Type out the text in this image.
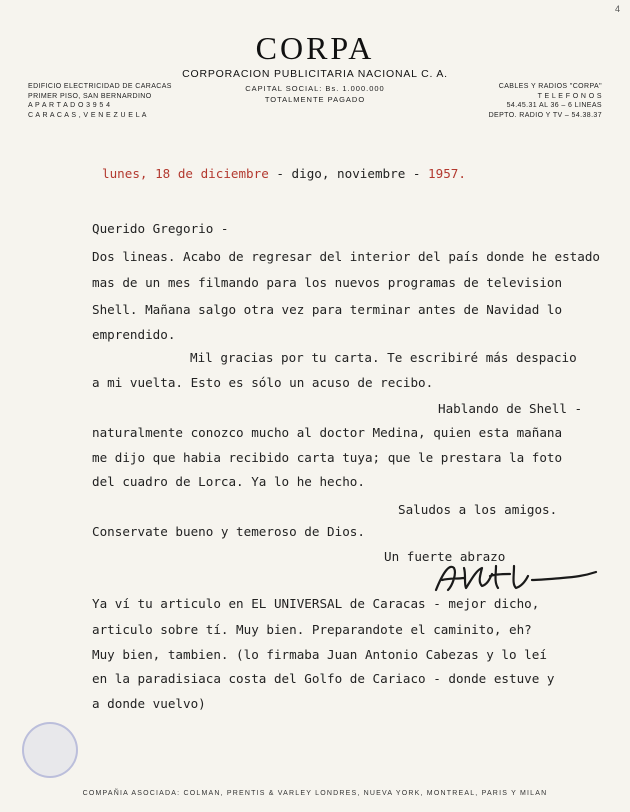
4
CORPA
CORPORACION PUBLICITARIA NACIONAL C. A.
CAPITAL SOCIAL: Bs. 1.000.000
TOTALMENTE PAGADO
EDIFICIO ELECTRICIDAD DE CARACAS
PRIMER PISO, SAN BERNARDINO
A P A R T A D O 3 9 5 4
C A R A C A S , V E N E Z U E L A
CABLES Y RADIOS "CORPA"
T E L E F O N O S
54.45.31 AL 36 – 6 LINEAS
DEPTO. RADIO Y TV – 54.38.37
lunes, 18 de diciembre - digo, noviembre - 1957.
Querido Gregorio -
Dos lineas. Acabo de regresar del interior del país donde he estado
mas de un mes filmando para los nuevos programas de television
Shell. Mañana salgo otra vez para terminar antes de Navidad lo
emprendido.
Mil gracias por tu carta. Te escribiré más despacio
a mi vuelta. Esto es sólo un acuso de recibo.
Hablando de Shell -
naturalmente conozco mucho al doctor Medina, quien esta mañana
me dijo que habia recibido carta tuya; que le prestara la foto
del cuadro de Lorca. Ya lo he hecho.
Saludos a los amigos.
Conservate bueno y temeroso de Dios.
Un fuerte abrazo
Ya ví tu articulo en EL UNIVERSAL de Caracas - mejor dicho,
articulo sobre tí. Muy bien. Preparandote el caminito, eh?
Muy bien, tambien. (lo firmaba Juan Antonio Cabezas y lo leí
en la paradisiaca costa del Golfo de Cariaco - donde estuve y
a donde vuelvo)
COMPAÑIA ASOCIADA: COLMAN, PRENTIS & VARLEY LONDRES, NUEVA YORK, MONTREAL, PARIS Y MILAN
